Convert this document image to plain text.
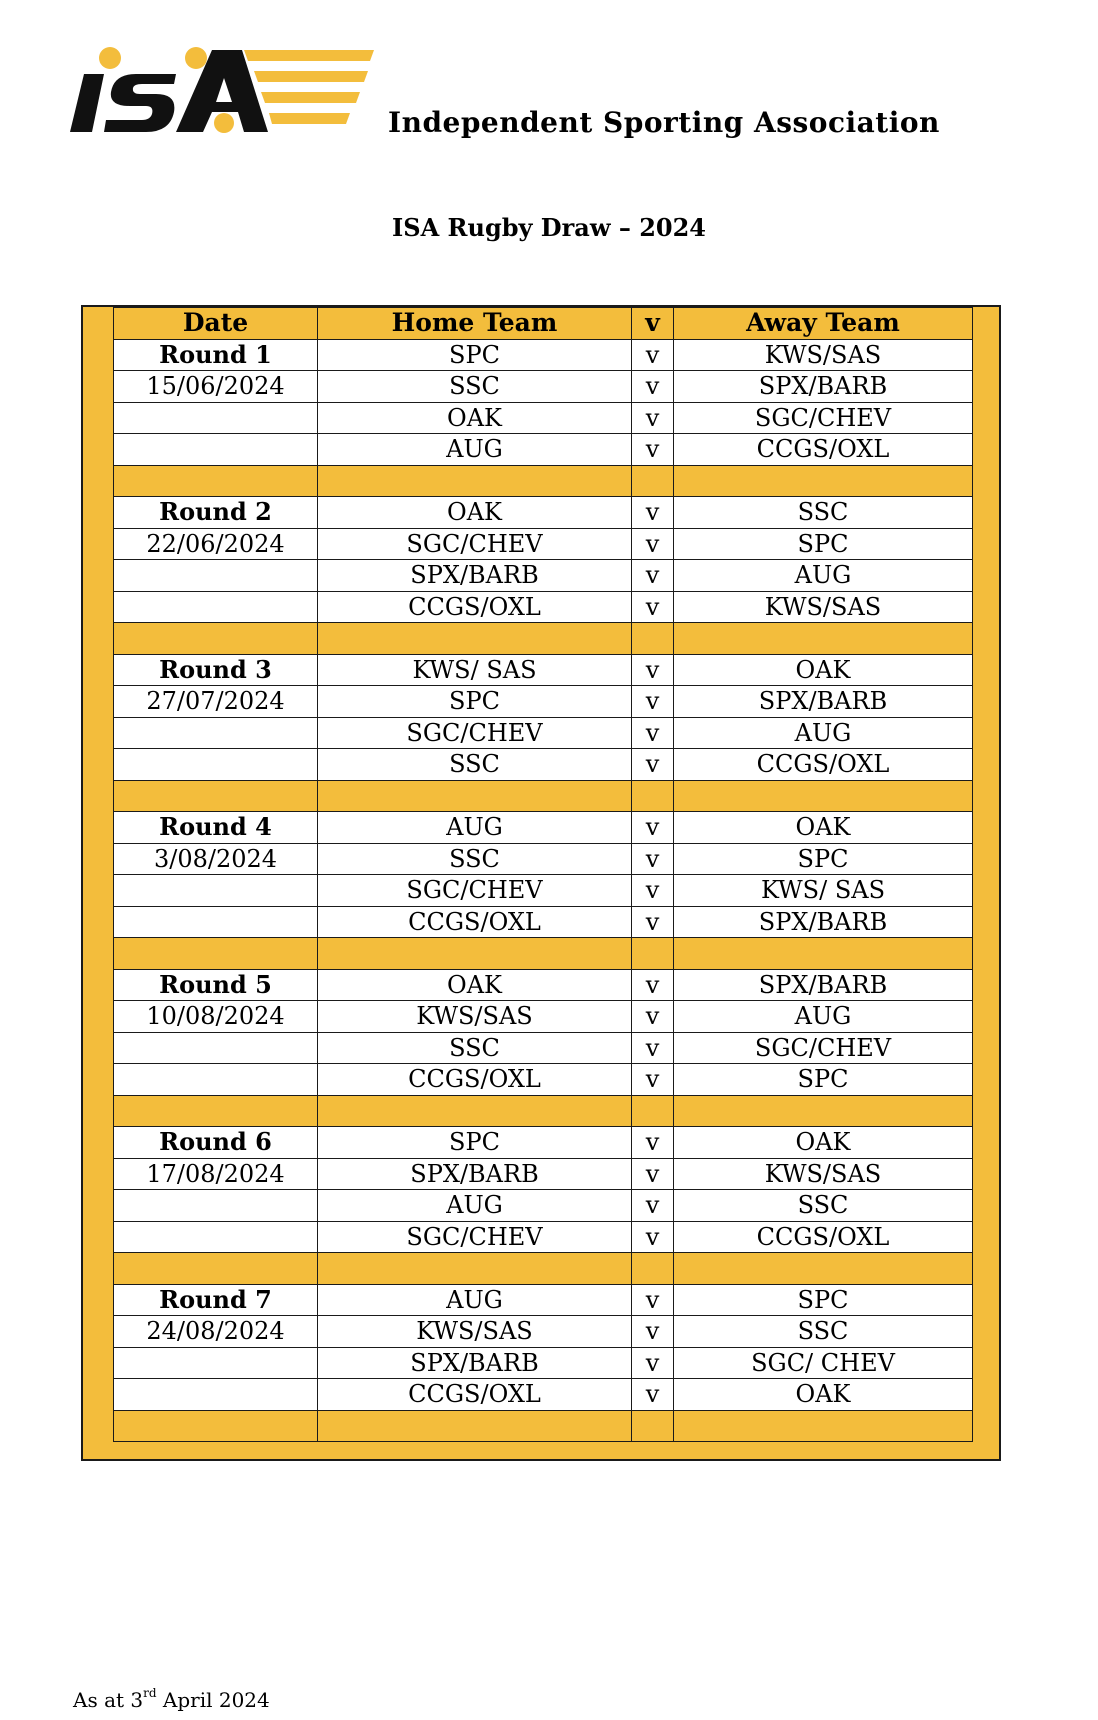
Independent Sporting Association
ISA Rugby Draw – 2024
Date	Home Team	v	Away Team
Round 1	SPC	v	KWS/SAS
15/06/2024	SSC	v	SPX/BARB
	OAK	v	SGC/CHEV
	AUG	v	CCGS/OXL

Round 2	OAK	v	SSC
22/06/2024	SGC/CHEV	v	SPC
	SPX/BARB	v	AUG
	CCGS/OXL	v	KWS/SAS

Round 3	KWS/ SAS	v	OAK
27/07/2024	SPC	v	SPX/BARB
	SGC/CHEV	v	AUG
	SSC	v	CCGS/OXL

Round 4	AUG	v	OAK
3/08/2024	SSC	v	SPC
	SGC/CHEV	v	KWS/ SAS
	CCGS/OXL	v	SPX/BARB

Round 5	OAK	v	SPX/BARB
10/08/2024	KWS/SAS	v	AUG
	SSC	v	SGC/CHEV
	CCGS/OXL	v	SPC

Round 6	SPC	v	OAK
17/08/2024	SPX/BARB	v	KWS/SAS
	AUG	v	SSC
	SGC/CHEV	v	CCGS/OXL

Round 7	AUG	v	SPC
24/08/2024	KWS/SAS	v	SSC
	SPX/BARB	v	SGC/ CHEV
	CCGS/OXL	v	OAK

As at 3rd April 2024
